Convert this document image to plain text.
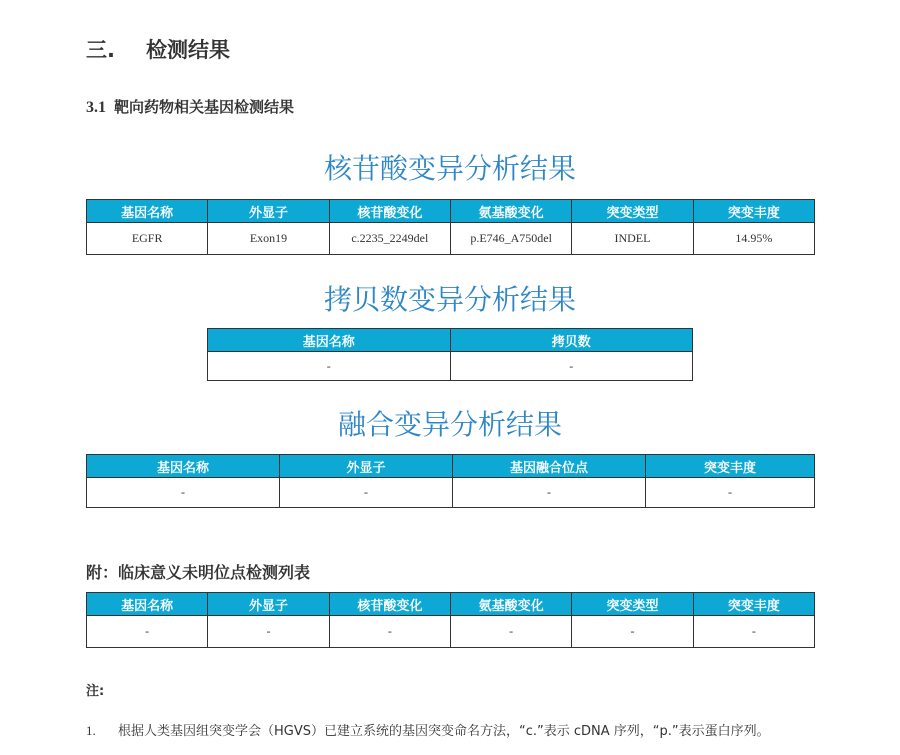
三. 检测结果
3.1 靶向药物相关基因检测结果
核苷酸变异分析结果
基因名称	外显子	核苷酸变化	氨基酸变化	突变类型	突变丰度
EGFR	Exon19	c.2235_2249del	p.E746_A750del	INDEL	14.95%
拷贝数变异分析结果
基因名称	拷贝数
-	-
融合变异分析结果
基因名称	外显子	基因融合位点	突变丰度
-	-	-	-
附：临床意义未明位点检测列表
基因名称	外显子	核苷酸变化	氨基酸变化	突变类型	突变丰度
-	-	-	-	-	-

注:

1. 根据人类基因组突变学会（HGVS）已建立系统的基因突变命名方法，“c.”表示 cDNA 序列，“p.”表示蛋白序列。
